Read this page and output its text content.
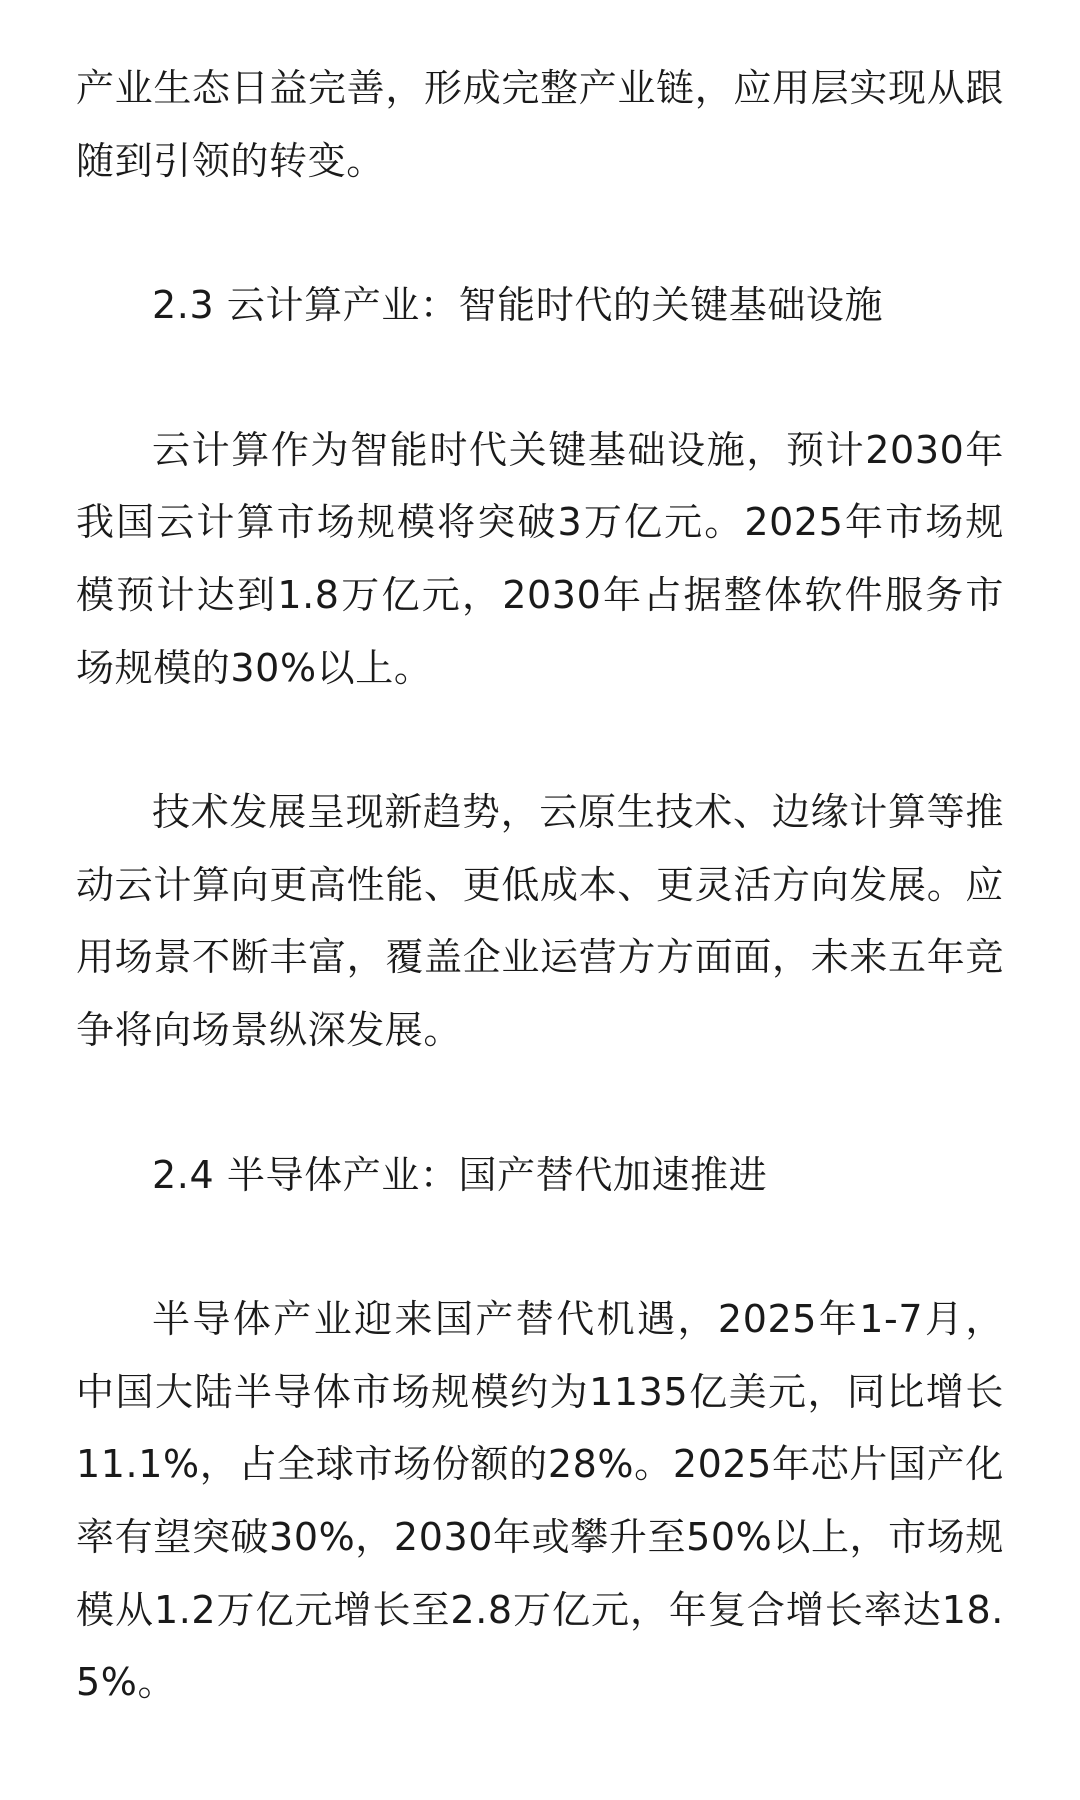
产业生态日益完善，形成完整产业链，应用层实现从跟随到引领的转变。

2.3 云计算产业：智能时代的关键基础设施

云计算作为智能时代关键基础设施，预计2030年我国云计算市场规模将突破3万亿元。2025年市场规模预计达到1.8万亿元，2030年占据整体软件服务市场规模的30%以上。

技术发展呈现新趋势，云原生技术、边缘计算等推动云计算向更高性能、更低成本、更灵活方向发展。应用场景不断丰富，覆盖企业运营方方面面，未来五年竞争将向场景纵深发展。

2.4 半导体产业：国产替代加速推进

半导体产业迎来国产替代机遇，2025年1-7月，中国大陆半导体市场规模约为1135亿美元，同比增长11.1%，占全球市场份额的28%。2025年芯片国产化率有望突破30%，2030年或攀升至50%以上，市场规模从1.2万亿元增长至2.8万亿元，年复合增长率达18.5%。
